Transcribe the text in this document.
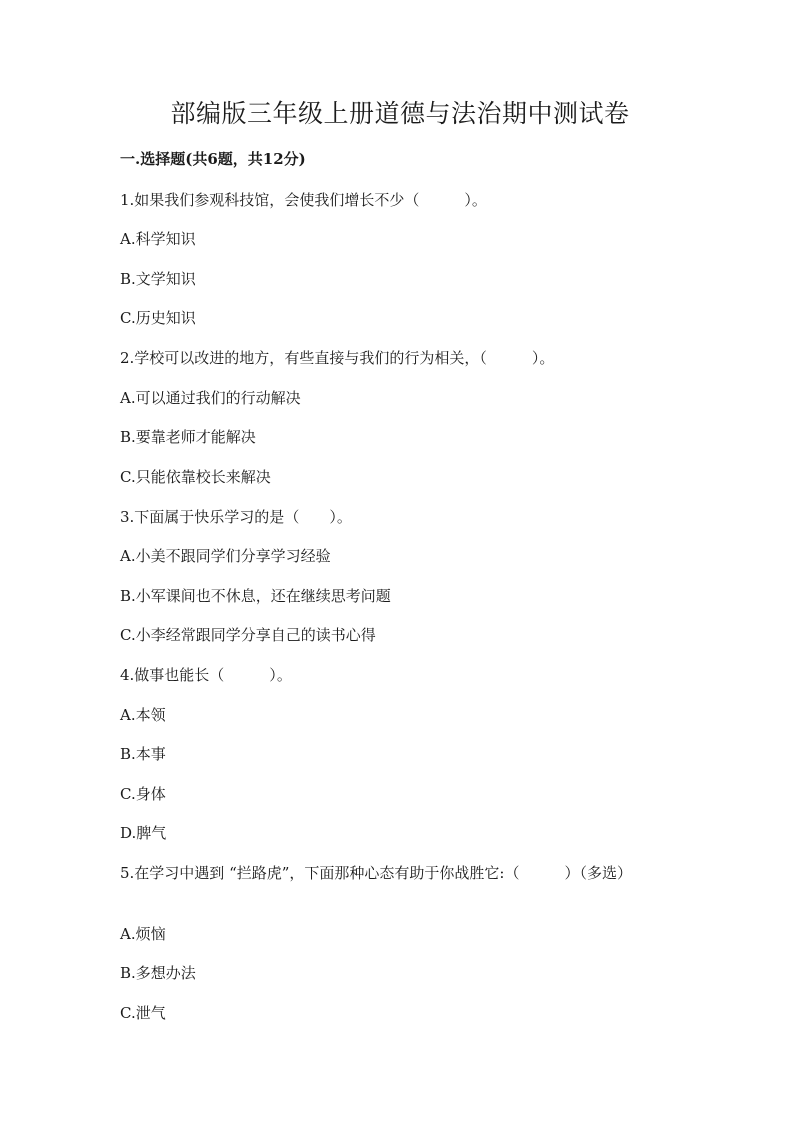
部编版三年级上册道德与法治期中测试卷
一.选择题(共6题，共12分)
1.如果我们参观科技馆，会使我们增长不少（　　　）。
A.科学知识
B.文学知识
C.历史知识
2.学校可以改进的地方，有些直接与我们的行为相关，（　　　）。
A.可以通过我们的行动解决
B.要靠老师才能解决
C.只能依靠校长来解决
3.下面属于快乐学习的是（　　）。
A.小美不跟同学们分享学习经验
B.小军课间也不休息，还在继续思考问题
C.小李经常跟同学分享自己的读书心得
4.做事也能长（　　　）。
A.本领
B.本事
C.身体
D.脾气
5.在学习中遇到 “拦路虎”，下面那种心态有助于你战胜它:（　　　）（多选）
A.烦恼
B.多想办法
C.泄气
